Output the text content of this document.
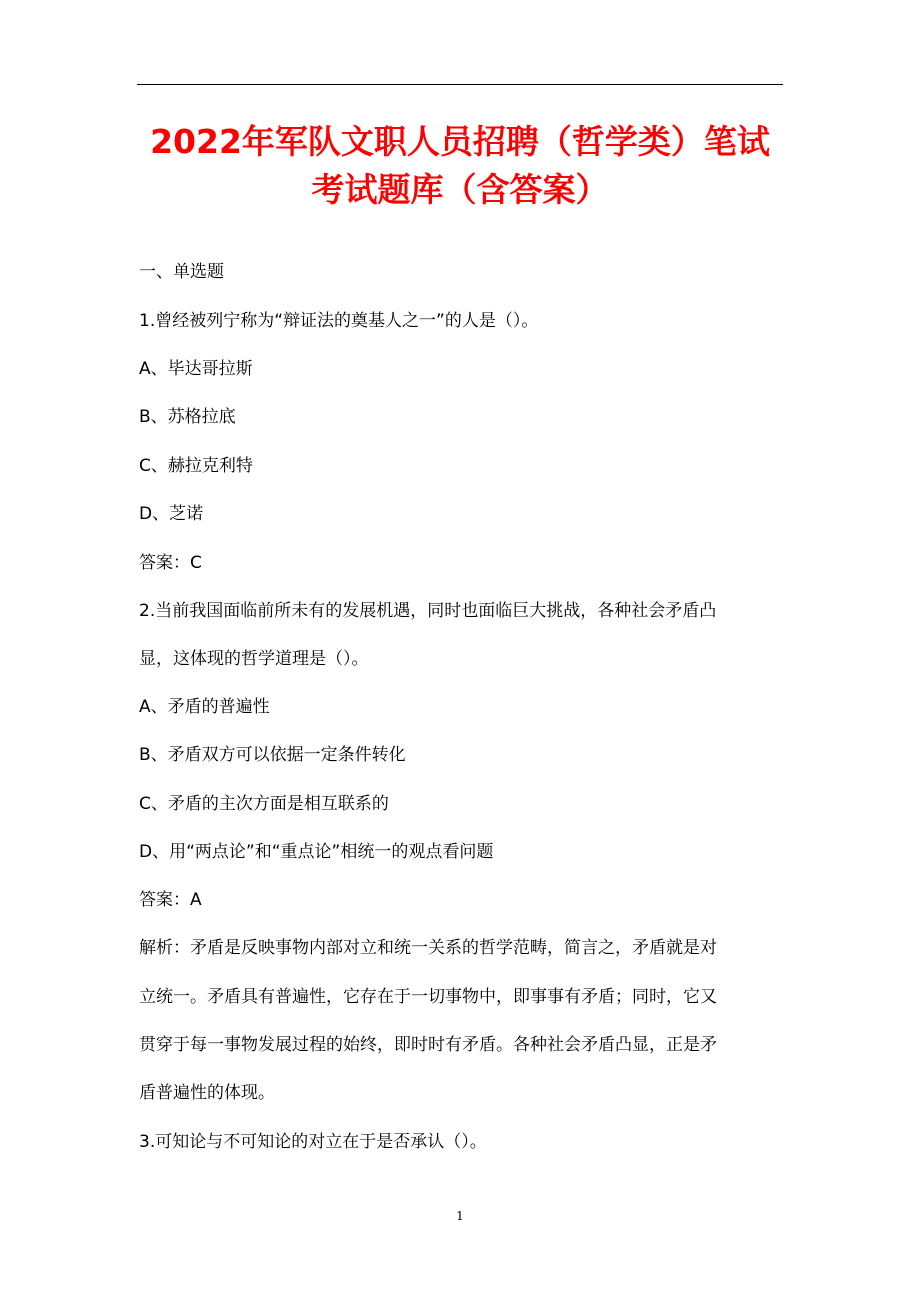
2022年军队文职人员招聘（哲学类）笔试
考试题库（含答案）
一、单选题
1.曾经被列宁称为“辩证法的奠基人之一”的人是（）。
A、毕达哥拉斯
B、苏格拉底
C、赫拉克利特
D、芝诺
答案：C
2.当前我国面临前所未有的发展机遇，同时也面临巨大挑战，各种社会矛盾凸
显，这体现的哲学道理是（）。
A、矛盾的普遍性
B、矛盾双方可以依据一定条件转化
C、矛盾的主次方面是相互联系的
D、用“两点论”和“重点论”相统一的观点看问题
答案：A
解析：矛盾是反映事物内部对立和统一关系的哲学范畴，简言之，矛盾就是对
立统一。矛盾具有普遍性，它存在于一切事物中，即事事有矛盾；同时，它又
贯穿于每一事物发展过程的始终，即时时有矛盾。各种社会矛盾凸显，正是矛
盾普遍性的体现。
3.可知论与不可知论的对立在于是否承认（）。
1
